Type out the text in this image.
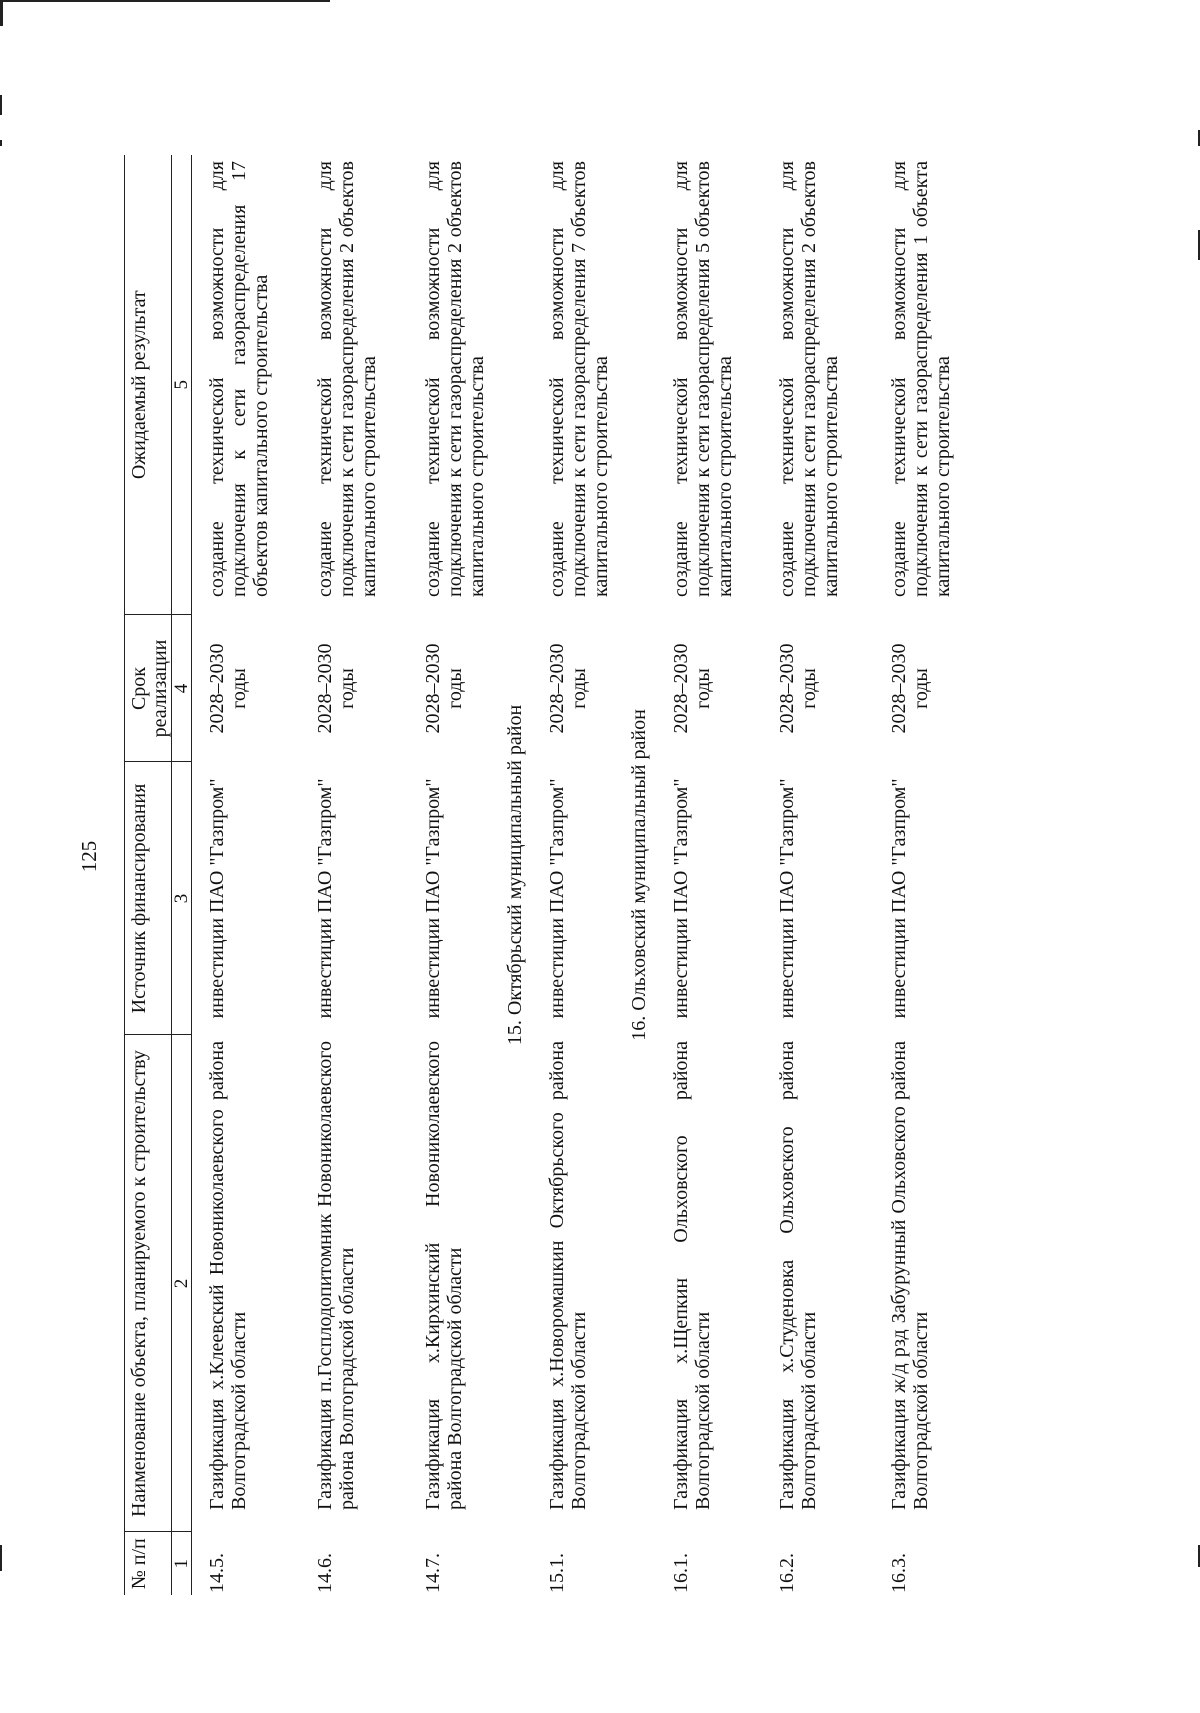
125
№ п/п	Наименование объекта, планируемого к строительству	Источник финансирования	Срок реализации	Ожидаемый результат
1	2	3	4	5
14.5.	Газификация х.Клеевский Новониколаевского района Волгоградской области	инвестиции ПАО "Газпром"	2028–2030 годы	создание технической возможности для подключения к сети газораспределения 17 объектов капитального строительства

14.6.	Газификация п.Госплодопитомник Новониколаевского района Волгоградской области	инвестиции ПАО "Газпром"	2028–2030 годы	создание технической возможности для подключения к сети газораспределения 2 объектов капитального строительства

14.7.	Газификация х.Кирхинский Новониколаевского района Волгоградской области	инвестиции ПАО "Газпром"	2028–2030 годы	создание технической возможности для подключения к сети газораспределения 2 объектов капитального строительства
15. Октябрьский муниципальный район				
15.1.	Газификация х.Новоромашкин Октябрьского района Волгоградской области	инвестиции ПАО "Газпром"	2028–2030 годы	создание технической возможности для подключения к сети газораспределения 7 объектов капитального строительства
16. Ольховский муниципальный район				
16.1.	Газификация х.Щепкин Ольховского района Волгоградской области	инвестиции ПАО "Газпром"	2028–2030 годы	создание технической возможности для подключения к сети газораспределения 5 объектов капитального строительства

16.2.	Газификация х.Студеновка Ольховского района Волгоградской области	инвестиции ПАО "Газпром"	2028–2030 годы	создание технической возможности для подключения к сети газораспределения 2 объектов капитального строительства

16.3.	Газификация ж/д рзд Забурунный Ольховского района Волгоградской области	инвестиции ПАО "Газпром"	2028–2030 годы	создание технической возможности для подключения к сети газораспределения 1 объекта капитального строительства
